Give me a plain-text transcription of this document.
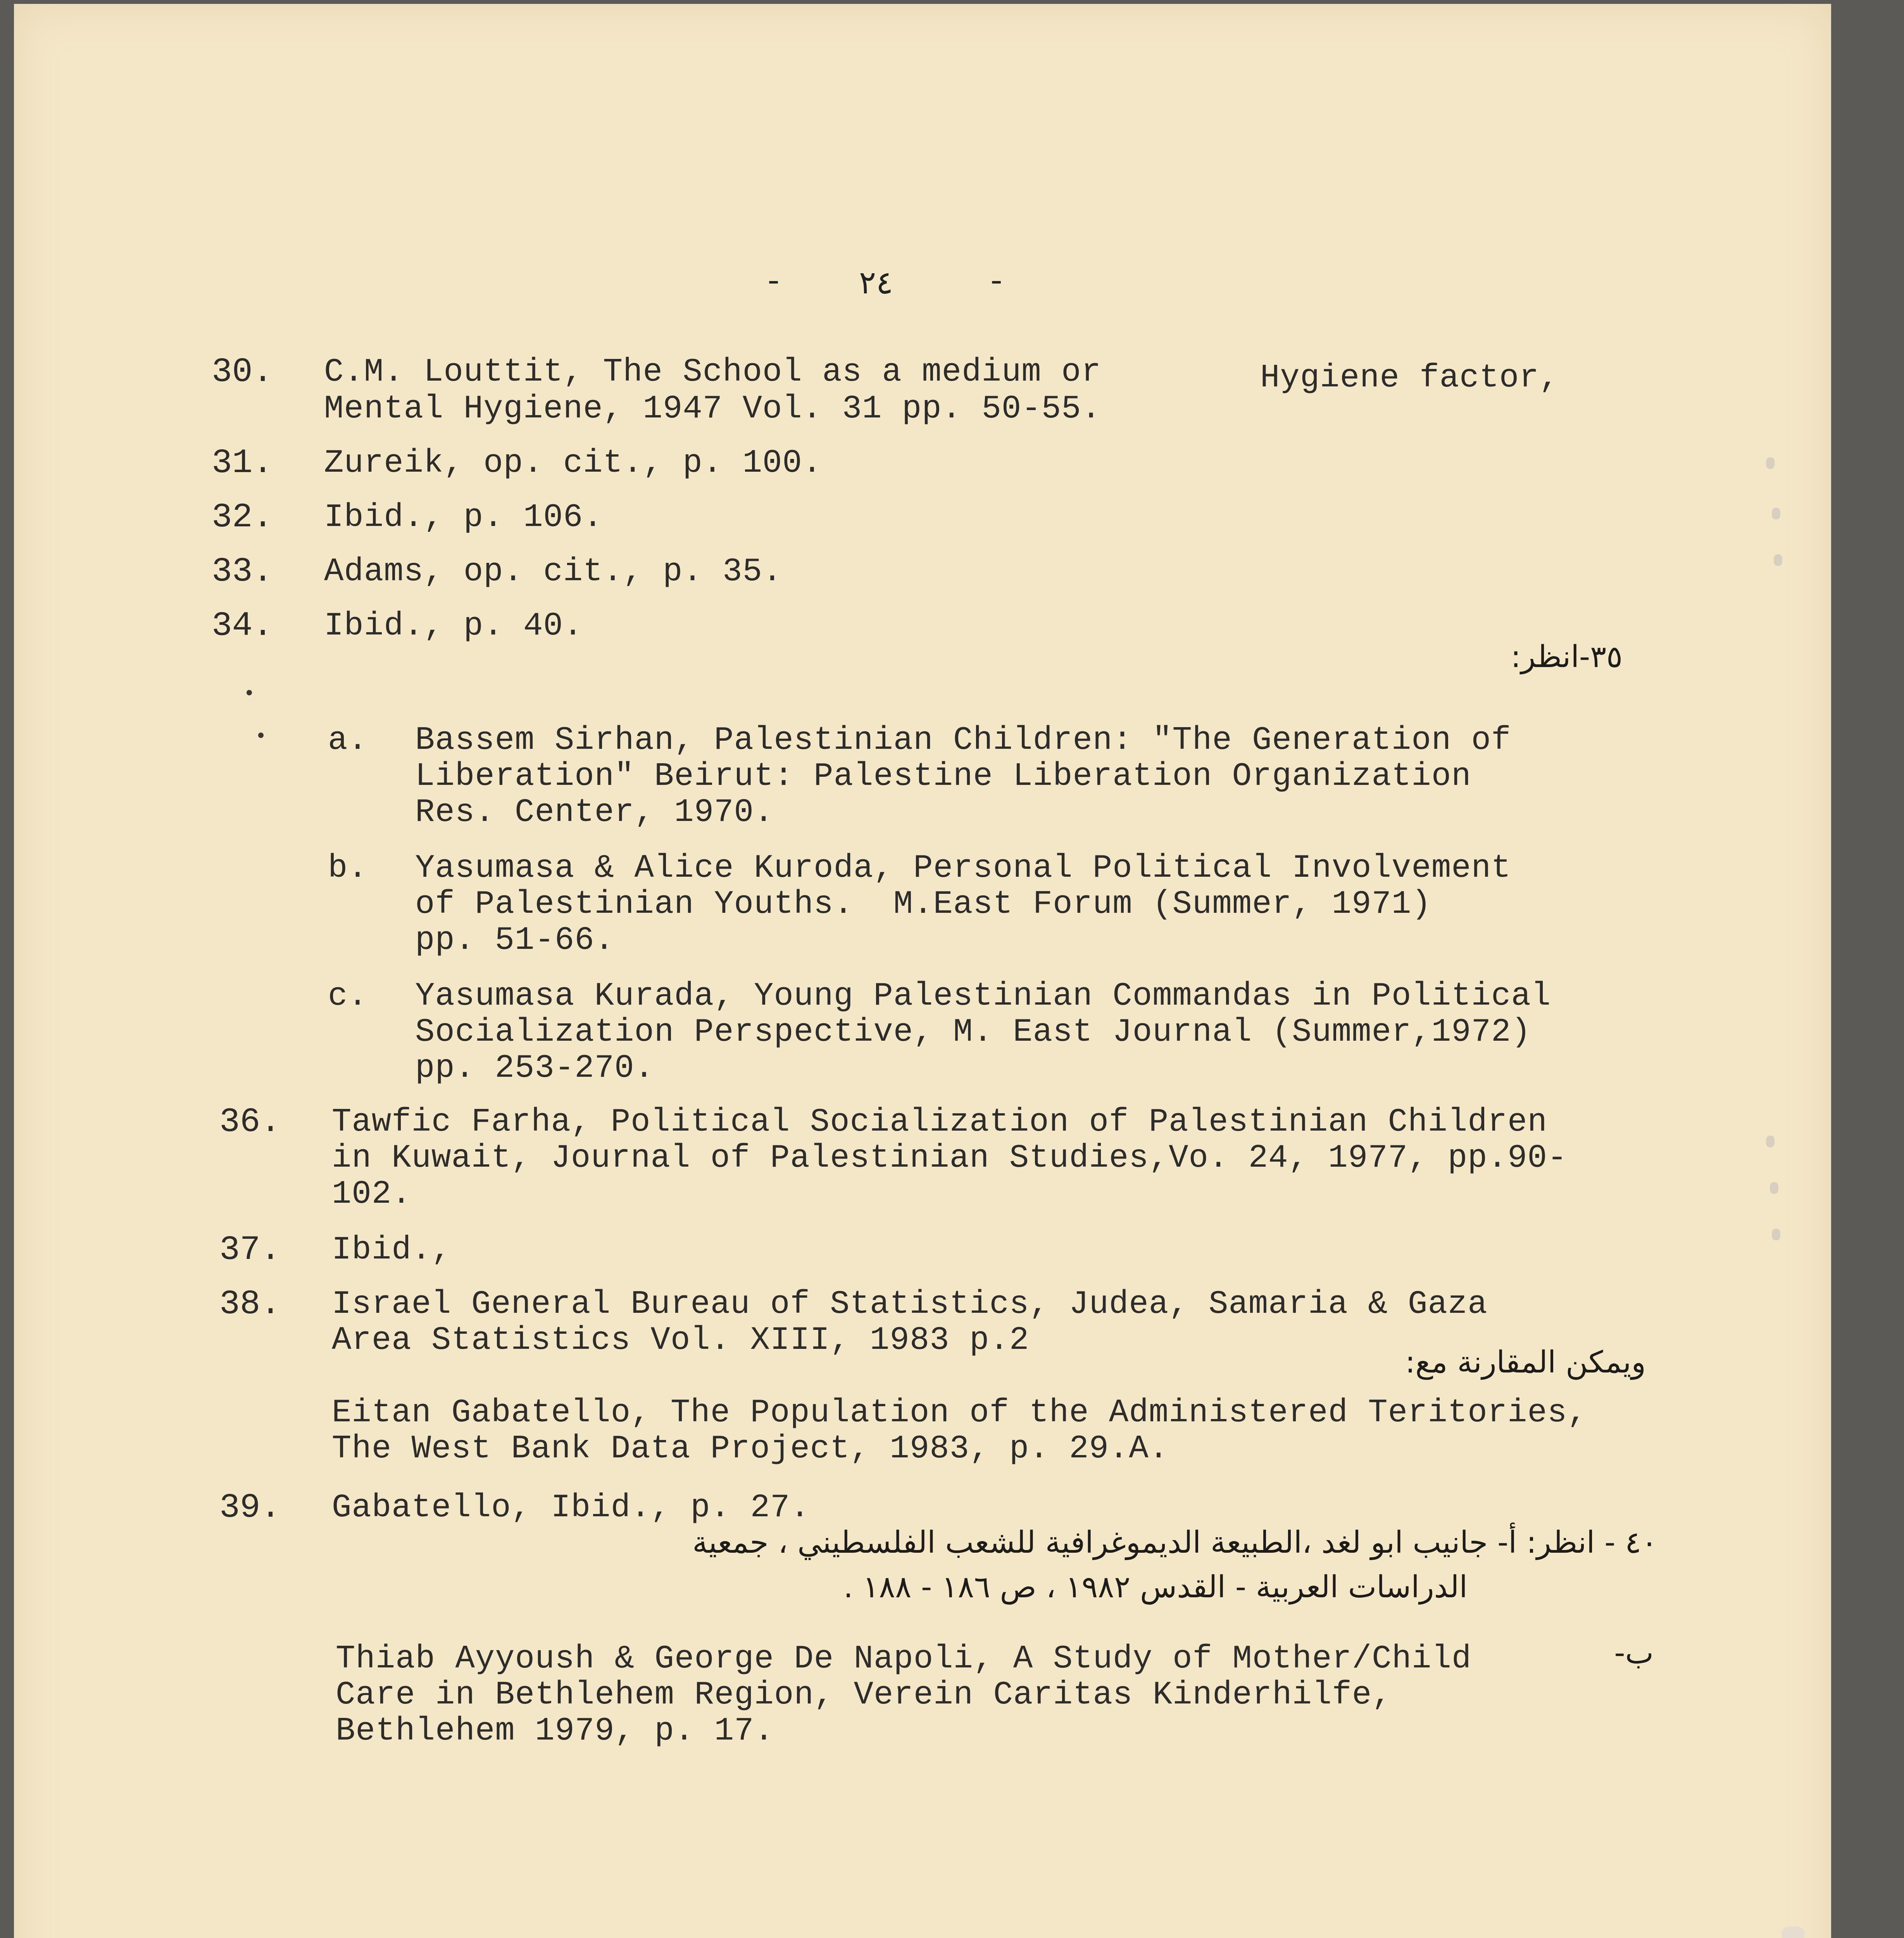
- ٢٤	-
30. C.M. Louttit, The School as a medium or
Mental Hygiene, 1947 Vol. 31 pp. 50-55.
Hygiene factor,
31. Zureik, op. cit., p. 100.
32. Ibid., p. 106.
33. Adams, op. cit., p. 35.
34. Ibid., p. 40.
٣٥-انظر:
a. Bassem Sirhan, Palestinian Children: "The Generation of
Liberation" Beirut: Palestine Liberation Organization
Res. Center, 1970.
b. Yasumasa & Alice Kuroda, Personal Political Involvement
of Palestinian Youths.  M.East Forum (Summer, 1971)
pp. 51-66.
c. Yasumasa Kurada, Young Palestinian Commandas in Political
Socialization Perspective, M. East Journal (Summer,1972)
pp. 253-270.
36. Tawfic Farha, Political Socialization of Palestinian Children
in Kuwait, Journal of Palestinian Studies,Vo. 24, 1977, pp.90-
102.
37. Ibid.,
38. Israel General Bureau of Statistics, Judea, Samaria & Gaza
Area Statistics Vol. XIII, 1983 p.2
ويمكن المقارنة مع:
Eitan Gabatello, The Population of the Administered Teritories,
The West Bank Data Project, 1983, p. 29.A.
39. Gabatello, Ibid., p. 27.
٤٠ - انظر: أ- جانيب ابو لغد ،الطبيعة الديموغرافية للشعب الفلسطيني ، جمعية
الدراسات العربية - القدس ١٩٨٢ ، ص ١٨٦ - ١٨٨ .
ب-
Thiab Ayyoush & George De Napoli, A Study of Mother/Child
Care in Bethlehem Region, Verein Caritas Kinderhilfe,
Bethlehem 1979, p. 17.
